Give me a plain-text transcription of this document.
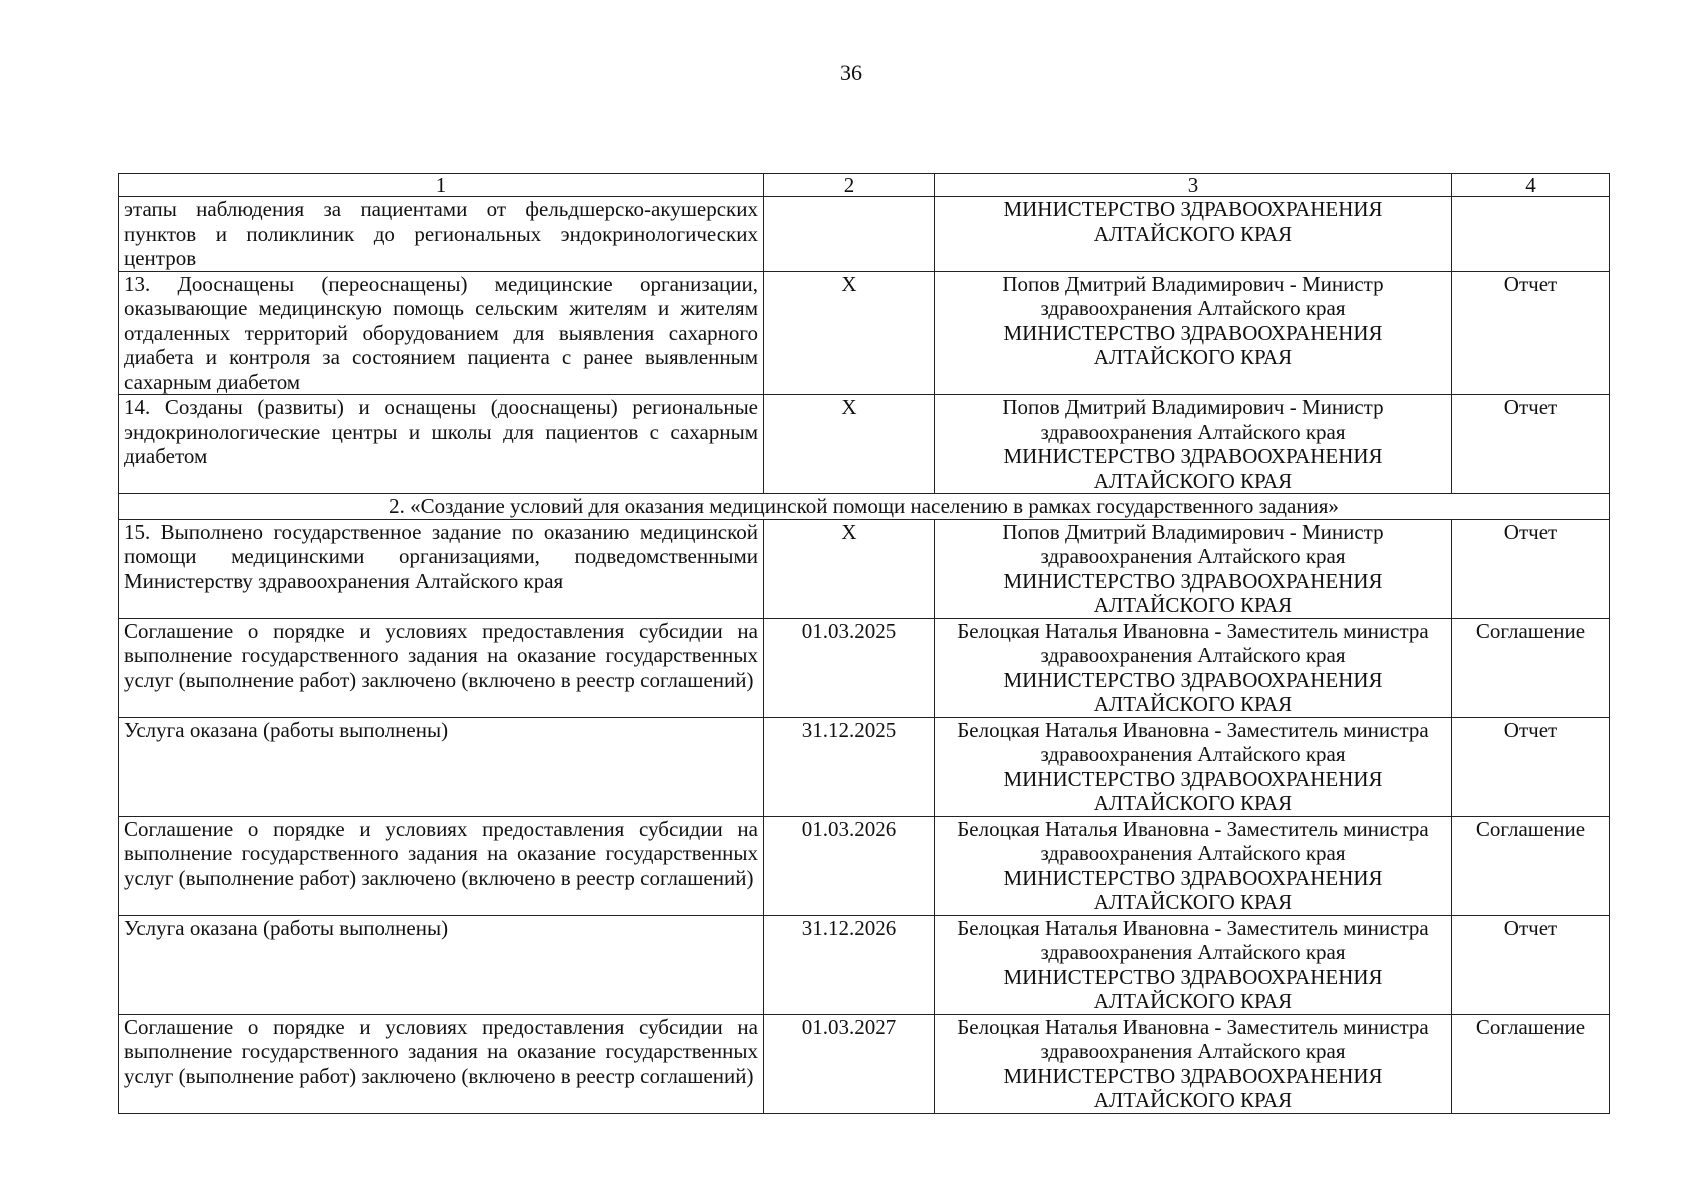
36
1	2	3	4
этапы наблюдения за пациентами от фельдшерско-акушерских пунктов и поликлиник до региональных эндокринологических центров		МИНИСТЕРСТВО ЗДРАВООХРАНЕНИЯ АЛТАЙСКОГО КРАЯ	

13. Дооснащены (переоснащены) медицинские организации, оказывающие медицинскую помощь сельским жителям и жителям отдаленных территорий оборудованием для выявления сахарного диабета и контроля за состоянием пациента с ранее выявленным сахарным диабетом	X	Попов Дмитрий Владимирович - Министр здравоохранения Алтайского края
МИНИСТЕРСТВО ЗДРАВООХРАНЕНИЯ АЛТАЙСКОГО КРАЯ	Отчет
14. Созданы (развиты) и оснащены (дооснащены) региональные эндокринологические центры и школы для пациентов с сахарным диабетом	X	Попов Дмитрий Владимирович - Министр здравоохранения Алтайского края
МИНИСТЕРСТВО ЗДРАВООХРАНЕНИЯ АЛТАЙСКОГО КРАЯ	Отчет
2. «Создание условий для оказания медицинской помощи населению в рамках государственного задания»			
15. Выполнено государственное задание по оказанию медицинской помощи медицинскими организациями, подведомственными Министерству здравоохранения Алтайского края	X	Попов Дмитрий Владимирович - Министр здравоохранения Алтайского края
МИНИСТЕРСТВО ЗДРАВООХРАНЕНИЯ АЛТАЙСКОГО КРАЯ	Отчет
Соглашение о порядке и условиях предоставления субсидии на выполнение государственного задания на оказание государственных услуг (выполнение работ) заключено (включено в реестр соглашений)	01.03.2025	Белоцкая Наталья Ивановна - Заместитель министра здравоохранения Алтайского края
МИНИСТЕРСТВО ЗДРАВООХРАНЕНИЯ АЛТАЙСКОГО КРАЯ	Соглашение
Услуга оказана (работы выполнены)	31.12.2025	Белоцкая Наталья Ивановна - Заместитель министра здравоохранения Алтайского края
МИНИСТЕРСТВО ЗДРАВООХРАНЕНИЯ АЛТАЙСКОГО КРАЯ	Отчет
Соглашение о порядке и условиях предоставления субсидии на выполнение государственного задания на оказание государственных услуг (выполнение работ) заключено (включено в реестр соглашений)	01.03.2026	Белоцкая Наталья Ивановна - Заместитель министра здравоохранения Алтайского края
МИНИСТЕРСТВО ЗДРАВООХРАНЕНИЯ АЛТАЙСКОГО КРАЯ	Соглашение
Услуга оказана (работы выполнены)	31.12.2026	Белоцкая Наталья Ивановна - Заместитель министра здравоохранения Алтайского края
МИНИСТЕРСТВО ЗДРАВООХРАНЕНИЯ АЛТАЙСКОГО КРАЯ	Отчет
Соглашение о порядке и условиях предоставления субсидии на выполнение государственного задания на оказание государственных услуг (выполнение работ) заключено (включено в реестр соглашений)	01.03.2027	Белоцкая Наталья Ивановна - Заместитель министра здравоохранения Алтайского края
МИНИСТЕРСТВО ЗДРАВООХРАНЕНИЯ АЛТАЙСКОГО КРАЯ	Соглашение
